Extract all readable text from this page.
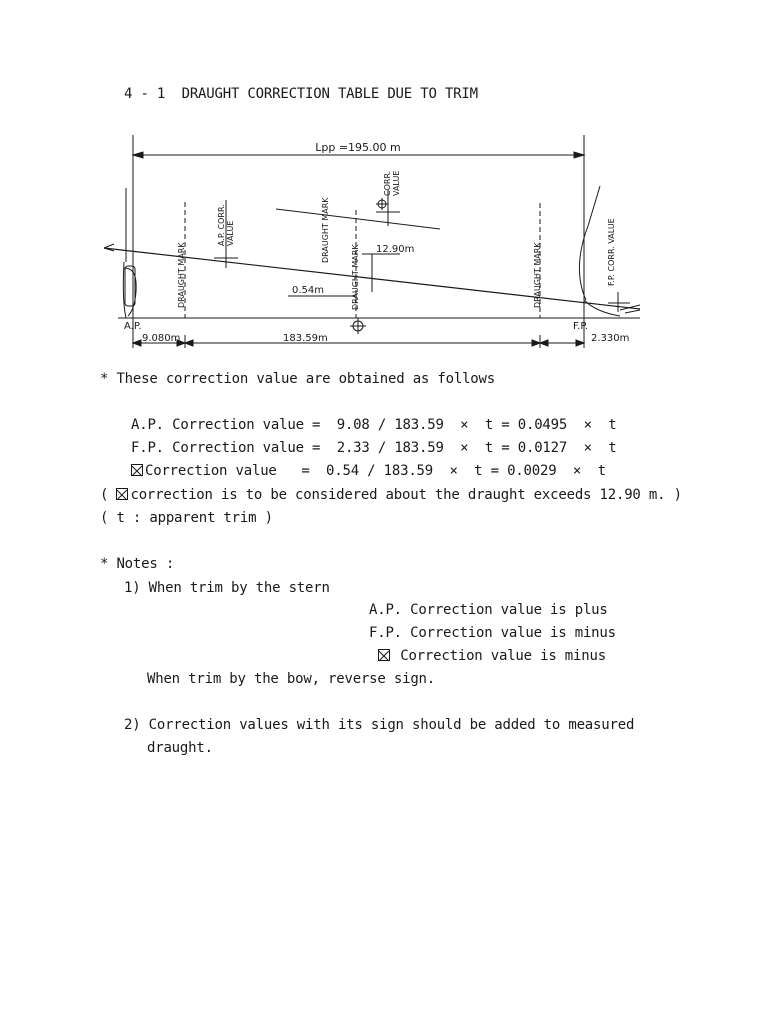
4 - 1  DRAUGHT CORRECTION TABLE DUE TO TRIM
Lpp =195.00 m
CORR.VALUE
A.P. CORR.VALUE
DRAUGHT MARK
DRAUGHT MARK
DRAUGHT MARK	DRAUGHT MARK	F.P. CORR. VALUE
12.90m
0.54m
A.P.	F.P.
9.080m	183.59m	2.330m
* These correction value are obtained as follows
A.P. Correction value =  9.08 / 183.59  ×  t = 0.0495  ×  t
F.P. Correction value =  2.33 / 183.59  ×  t = 0.0127  ×  t
Correction value   =  0.54 / 183.59  ×  t = 0.0029  ×  t
( correction is to be considered about the draught exceeds 12.90 m. )
( t : apparent trim )
* Notes :
1) When trim by the stern
A.P. Correction value is plus
F.P. Correction value is minus
Correction value is minus
When trim by the bow, reverse sign.
2) Correction values with its sign should be added to measured
draught.
